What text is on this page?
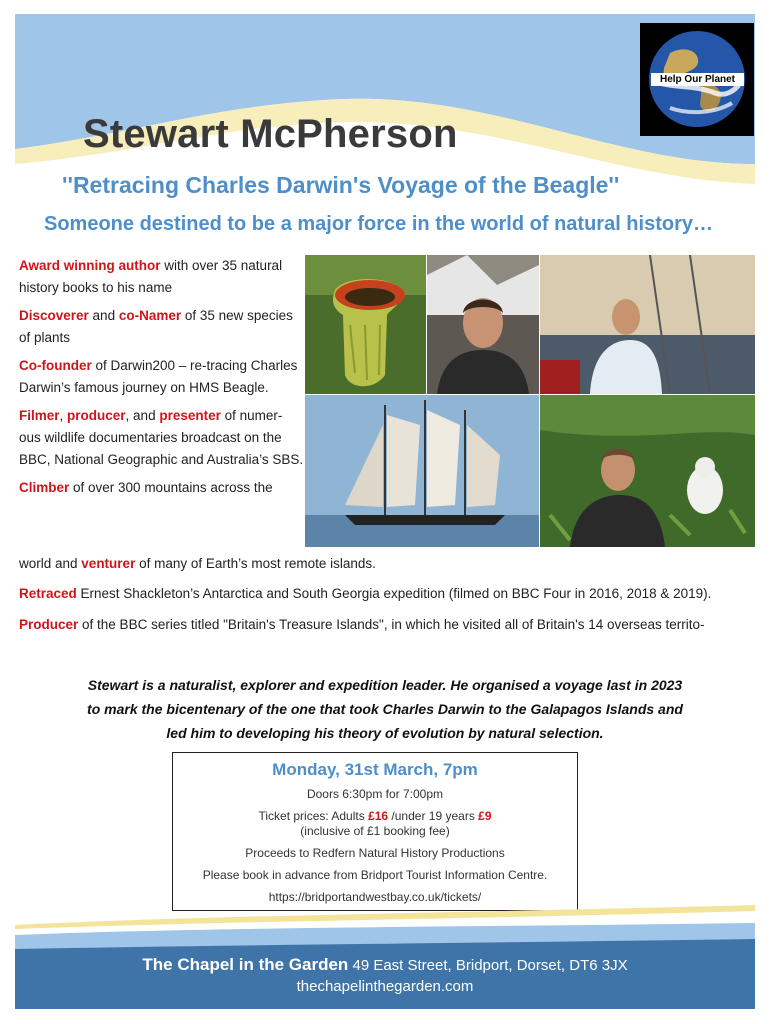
Help Our Planet
Stewart McPherson
''Retracing Charles Darwin's Voyage of the Beagle''
Someone destined to be a major force in the world of natural history…

Award winning author with over 35 natural history books to his name

Discoverer and co-Namer of 35 new species of plants

Co-founder of Darwin200 – re-tracing Charles Darwin’s famous journey on HMS Beagle.

Filmer, producer, and presenter of numer-ous wildlife documentaries broadcast on the BBC, National Geographic and Australia’s SBS.

Climber of over 300 mountains across the

world and venturer of many of Earth’s most remote islands.
Retraced Ernest Shackleton’s Antarctica and South Georgia expedition (filmed on BBC Four in 2016, 2018 & 2019).
Producer of the BBC series titled "Britain's Treasure Islands", in which he visited all of Britain's 14 overseas territo-
Stewart is a naturalist, explorer and expedition leader. He organised a voyage last in 2023
to mark the bicentenary of the one that took Charles Darwin to the Galapagos Islands and
led him to developing his theory of evolution by natural selection.
Monday, 31st March, 7pm
Doors 6:30pm for 7:00pm
Ticket prices: Adults £16 /under 19 years £9
(inclusive of £1 booking fee)
Proceeds to Redfern Natural History Productions
Please book in advance from Bridport Tourist Information Centre.
https://bridportandwestbay.co.uk/tickets/
The Chapel in the Garden 49 East Street, Bridport, Dorset, DT6 3JX
thechapelinthegarden.com
